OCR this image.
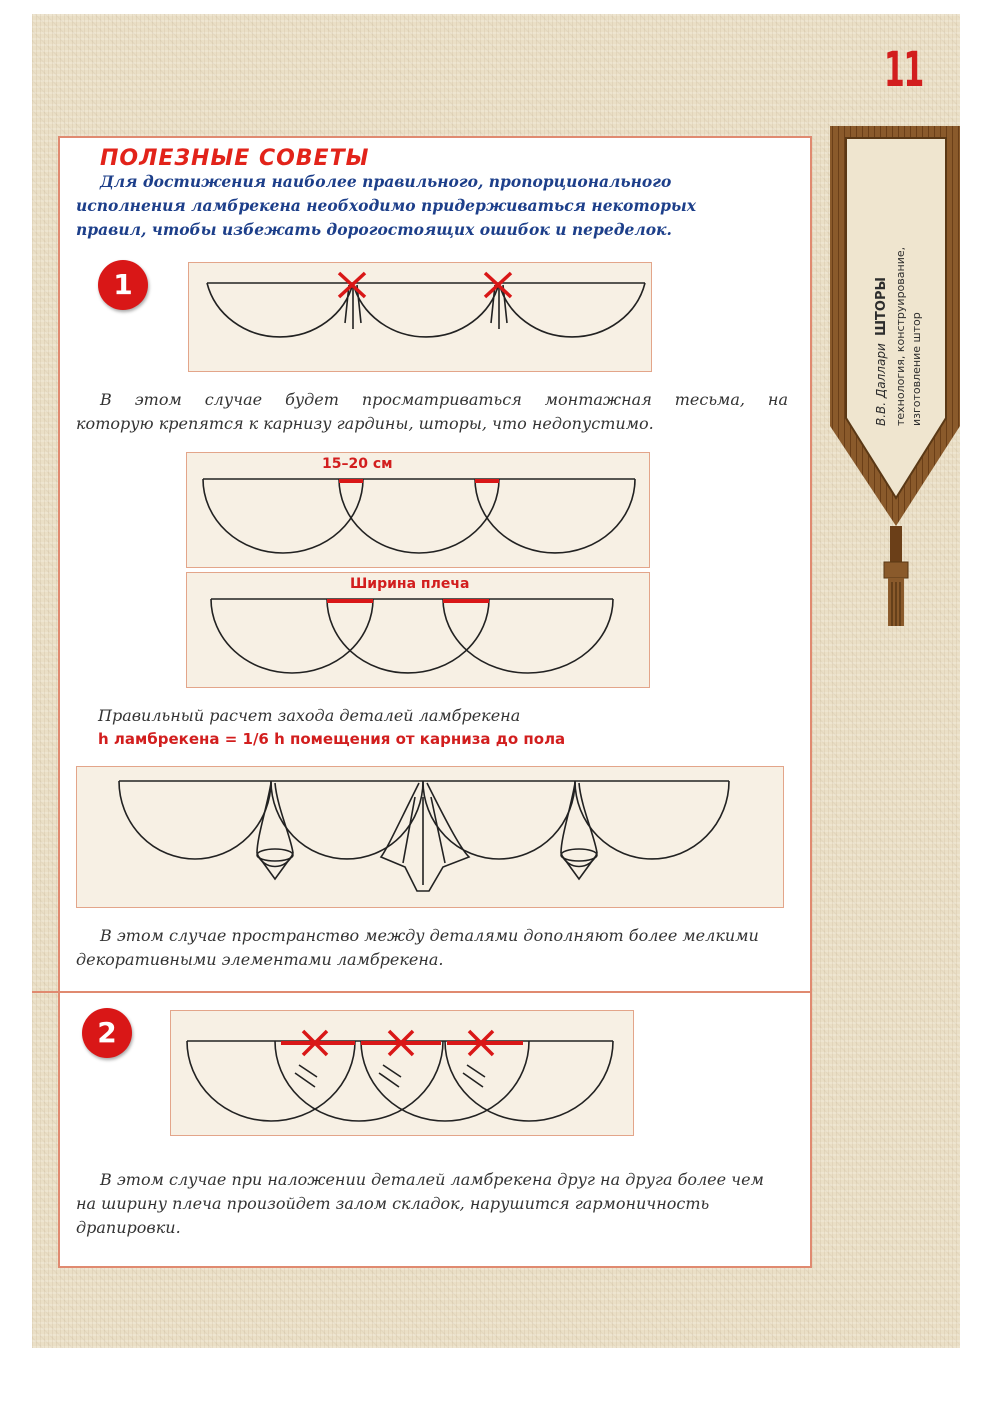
11
В.В. Даллари
ШТОРЫ технология, конструирование, изготовление штор
ПОЛЕЗНЫЕ СОВЕТЫ
Для достижения наиболее правильного, пропорционального
исполнения ламбрекена необходимо придерживаться некоторых
правил, чтобы избежать дорогостоящих ошибок и переделок.
1
В этом случае будет просматриваться монтажная тесьма, на
которую крепятся к карнизу гардины, шторы, что недопустимо.
15–20 см
Ширина плеча
Правильный расчет захода деталей ламбрекена
h ламбрекена = 1/6 h помещения от карниза до пола
В этом случае пространство между деталями дополняют более мелкими
декоративными элементами ламбрекена.
2
В этом случае при наложении деталей ламбрекена друг на друга более чем
на ширину плеча произойдет залом складок, нарушится гармоничность
драпировки.
